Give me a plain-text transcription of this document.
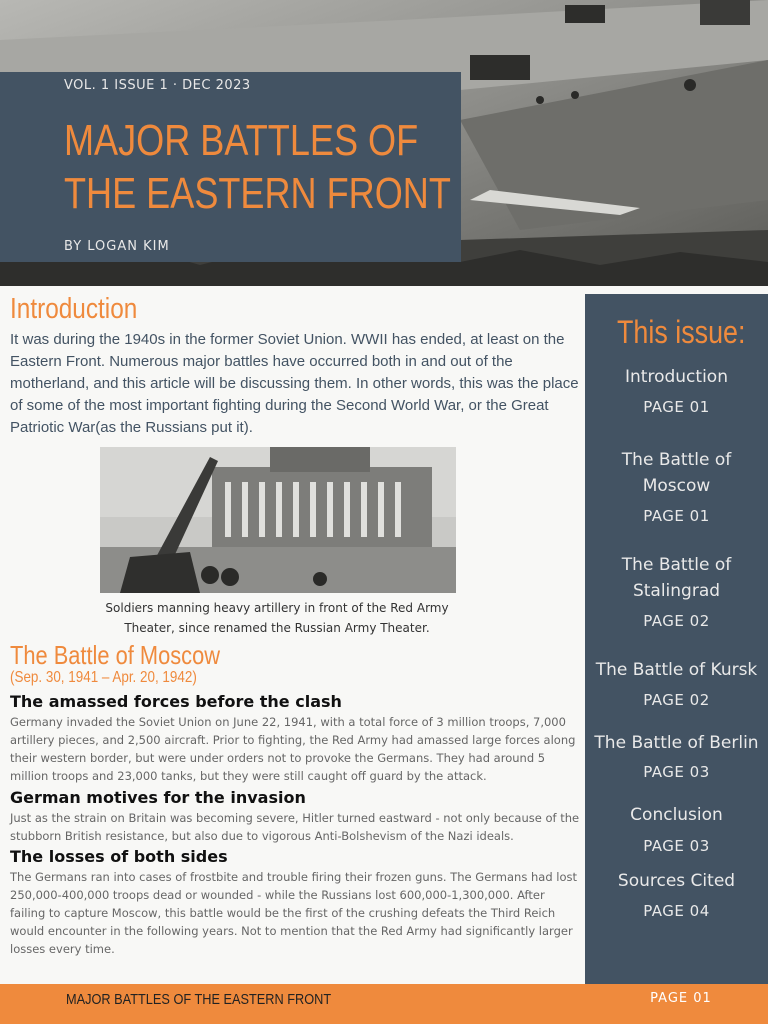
VOL. 1 ISSUE 1 · DEC 2023
MAJOR BATTLES OF
THE EASTERN FRONT
BY LOGAN KIM
Introduction
It was during the 1940s in the former Soviet Union. WWII has ended, at least on the Eastern Front. Numerous major battles have occurred both in and out of the motherland, and this article will be discussing them. In other words, this was the place of some of the most important fighting during the Second World War, or the Great Patriotic War(as the Russians put it).
Soldiers manning heavy artillery in front of the Red Army Theater, since renamed the Russian Army Theater.
The Battle of Moscow
(Sep. 30, 1941 – Apr. 20, 1942)
The amassed forces before the clash
Germany invaded the Soviet Union on June 22, 1941, with a total force of 3 million troops, 7,000 artillery pieces, and 2,500 aircraft. Prior to fighting, the Red Army had amassed large forces along their western border, but were under orders not to provoke the Germans. They had around 5 million troops and 23,000 tanks, but they were still caught off guard by the attack.
German motives for the invasion
Just as the strain on Britain was becoming severe, Hitler turned eastward - not only because of the stubborn British resistance, but also due to vigorous Anti-Bolshevism of the Nazi ideals.
The losses of both sides
The Germans ran into cases of frostbite and trouble firing their frozen guns. The Germans had lost 250,000-400,000 troops dead or wounded - while the Russians lost 600,000-1,300,000. After failing to capture Moscow, this battle would be the first of the crushing defeats the Third Reich would encounter in the following years. Not to mention that the Red Army had significantly larger losses every time.
This issue:
Introduction
PAGE 01
The Battle of Moscow
PAGE 01
The Battle of Stalingrad
PAGE 02
The Battle of Kursk
PAGE 02
The Battle of Berlin
PAGE 03
Conclusion
PAGE 03
Sources Cited
PAGE 04
MAJOR BATTLES OF THE EASTERN FRONT	PAGE 01
